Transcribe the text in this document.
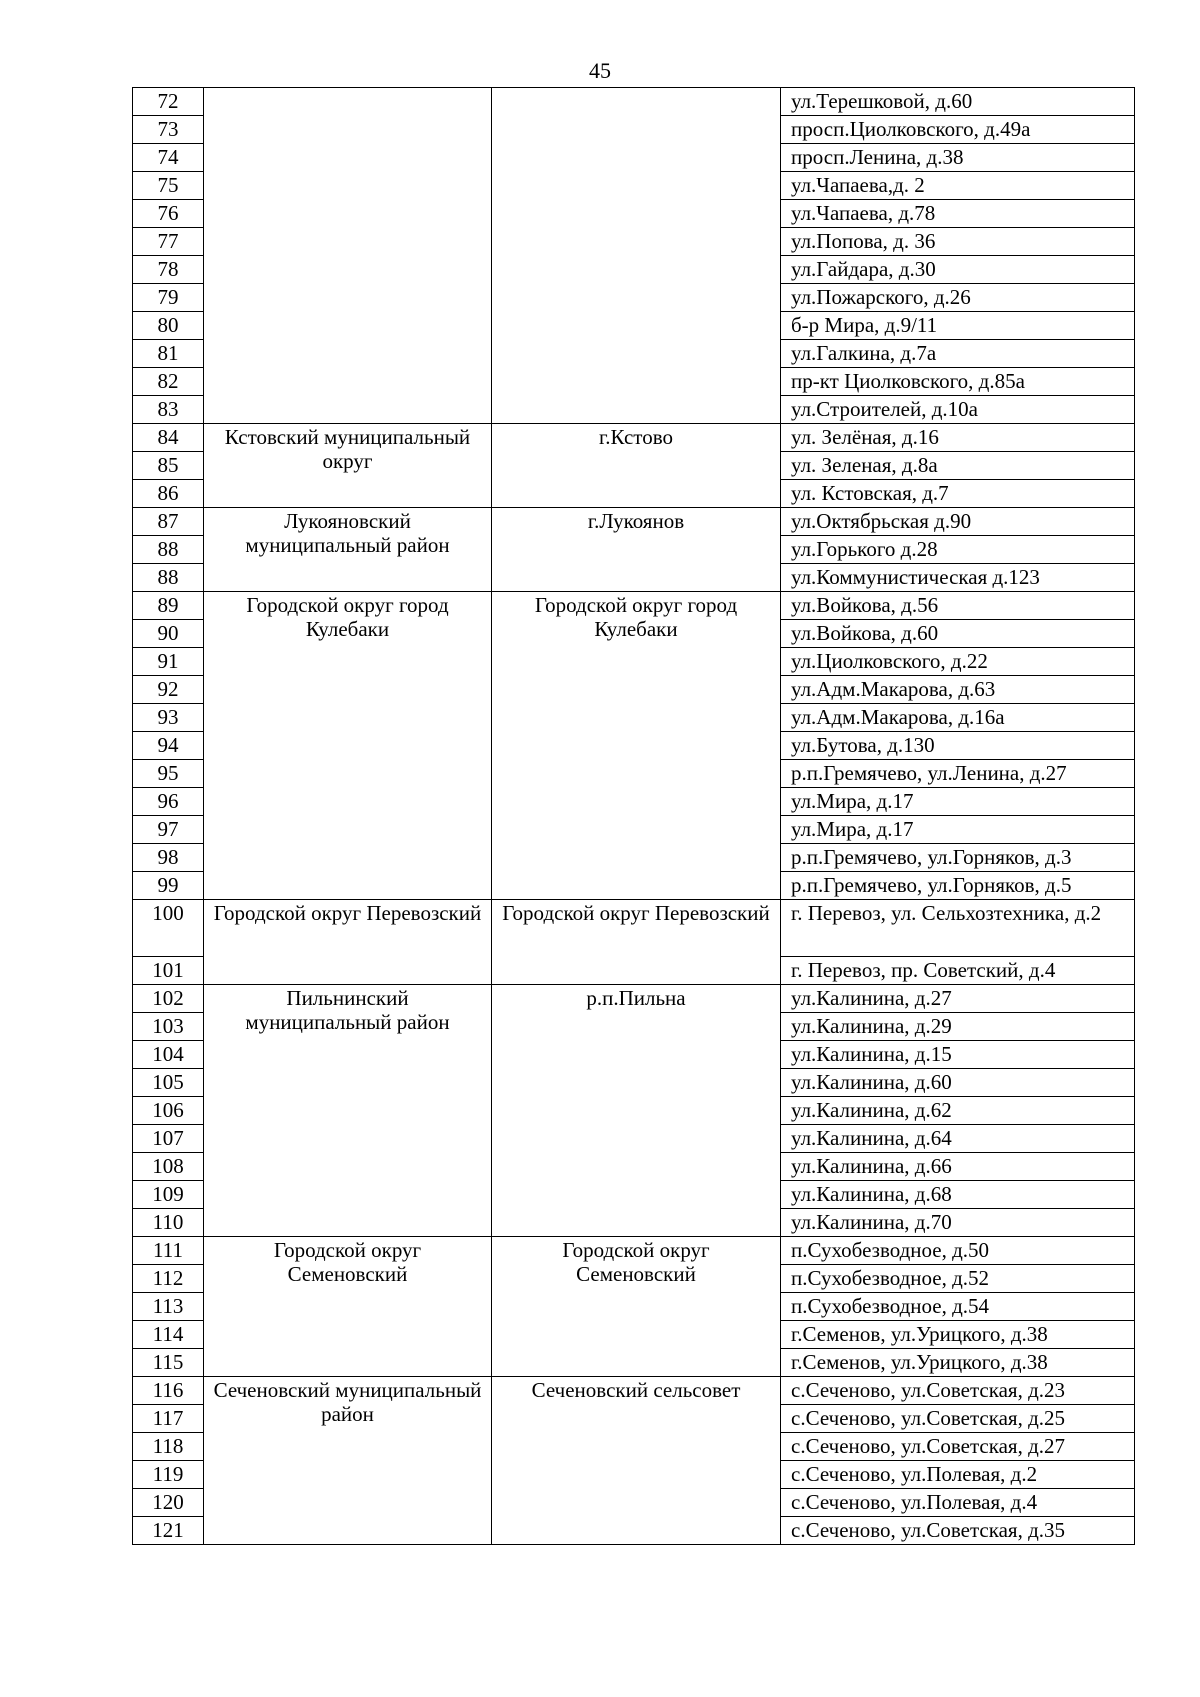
45
72			ул.Терешковой, д.60
73			просп.Циолковского, д.49а
74			просп.Ленина, д.38
75			ул.Чапаева,д. 2
76			ул.Чапаева, д.78
77			ул.Попова, д. 36
78			ул.Гайдара, д.30
79			ул.Пожарского, д.26
80			б-р Мира, д.9/11
81			ул.Галкина, д.7а
82			пр-кт Циолковского, д.85а
83			ул.Строителей, д.10а
84	Кстовский муниципальный округ	г.Кстово	ул. Зелёная, д.16
85			ул. Зеленая, д.8а
86			ул. Кстовская, д.7
87	Лукояновский муниципальный район	г.Лукоянов	ул.Октябрьская д.90
88			ул.Горького д.28
88			ул.Коммунистическая д.123
89	Городской округ город Кулебаки	Городской округ город Кулебаки	ул.Войкова, д.56
90			ул.Войкова, д.60
91			ул.Циолковского, д.22
92			ул.Адм.Макарова, д.63
93			ул.Адм.Макарова, д.16а
94			ул.Бутова, д.130
95			р.п.Гремячево, ул.Ленина, д.27
96			ул.Мира, д.17
97			ул.Мира, д.17
98			р.п.Гремячево, ул.Горняков, д.3
99			р.п.Гремячево, ул.Горняков, д.5
100	Городской округ Перевозский	Городской округ Перевозский	г. Перевоз, ул. Сельхозтехника, д.2
101			г. Перевоз, пр. Советский, д.4
102	Пильнинский муниципальный район	р.п.Пильна	ул.Калинина, д.27
103			ул.Калинина, д.29
104			ул.Калинина, д.15
105			ул.Калинина, д.60
106			ул.Калинина, д.62
107			ул.Калинина, д.64
108			ул.Калинина, д.66
109			ул.Калинина, д.68
110			ул.Калинина, д.70
111	Городской округ Семеновский	Городской округ Семеновский	п.Сухобезводное, д.50
112			п.Сухобезводное, д.52
113			п.Сухобезводное, д.54
114			г.Семенов, ул.Урицкого, д.38
115			г.Семенов, ул.Урицкого, д.38
116	Сеченовский муниципальный район	Сеченовский сельсовет	с.Сеченово, ул.Советская, д.23
117			с.Сеченово, ул.Советская, д.25
118			с.Сеченово, ул.Советская, д.27
119			с.Сеченово, ул.Полевая, д.2
120			с.Сеченово, ул.Полевая, д.4
121			с.Сеченово, ул.Советская, д.35
